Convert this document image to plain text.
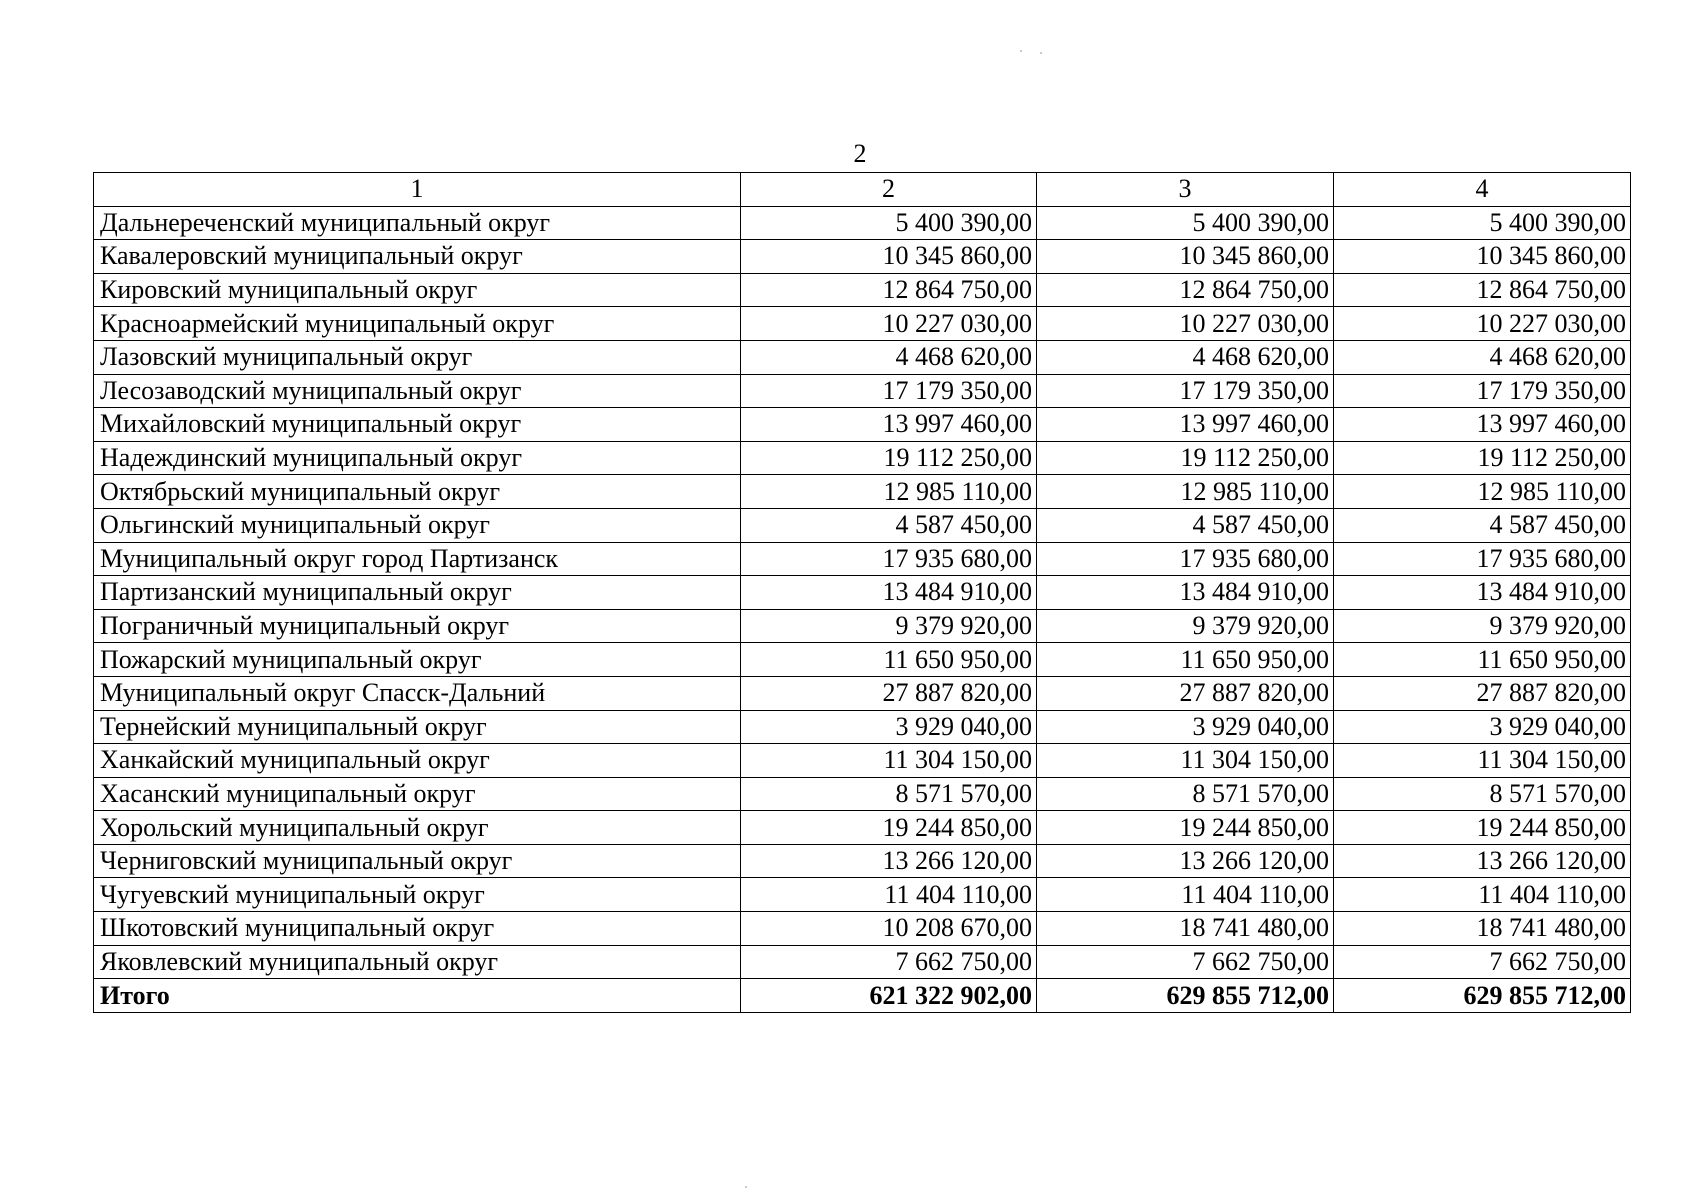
2
1	2	3	4
Дальнереченский муниципальный округ	5 400 390,00	5 400 390,00	5 400 390,00
Кавалеровский муниципальный округ	10 345 860,00	10 345 860,00	10 345 860,00
Кировский муниципальный округ	12 864 750,00	12 864 750,00	12 864 750,00
Красноармейский муниципальный округ	10 227 030,00	10 227 030,00	10 227 030,00
Лазовский муниципальный округ	4 468 620,00	4 468 620,00	4 468 620,00
Лесозаводский муниципальный округ	17 179 350,00	17 179 350,00	17 179 350,00
Михайловский муниципальный округ	13 997 460,00	13 997 460,00	13 997 460,00
Надеждинский муниципальный округ	19 112 250,00	19 112 250,00	19 112 250,00
Октябрьский муниципальный округ	12 985 110,00	12 985 110,00	12 985 110,00
Ольгинский муниципальный округ	4 587 450,00	4 587 450,00	4 587 450,00
Муниципальный округ город Партизанск	17 935 680,00	17 935 680,00	17 935 680,00
Партизанский муниципальный округ	13 484 910,00	13 484 910,00	13 484 910,00
Пограничный муниципальный округ	9 379 920,00	9 379 920,00	9 379 920,00
Пожарский муниципальный округ	11 650 950,00	11 650 950,00	11 650 950,00
Муниципальный округ Спасск-Дальний	27 887 820,00	27 887 820,00	27 887 820,00
Тернейский муниципальный округ	3 929 040,00	3 929 040,00	3 929 040,00
Ханкайский муниципальный округ	11 304 150,00	11 304 150,00	11 304 150,00
Хасанский муниципальный округ	8 571 570,00	8 571 570,00	8 571 570,00
Хорольский муниципальный округ	19 244 850,00	19 244 850,00	19 244 850,00
Черниговский муниципальный округ	13 266 120,00	13 266 120,00	13 266 120,00
Чугуевский муниципальный округ	11 404 110,00	11 404 110,00	11 404 110,00
Шкотовский муниципальный округ	10 208 670,00	18 741 480,00	18 741 480,00
Яковлевский муниципальный округ	7 662 750,00	7 662 750,00	7 662 750,00
Итого	621 322 902,00	629 855 712,00	629 855 712,00
